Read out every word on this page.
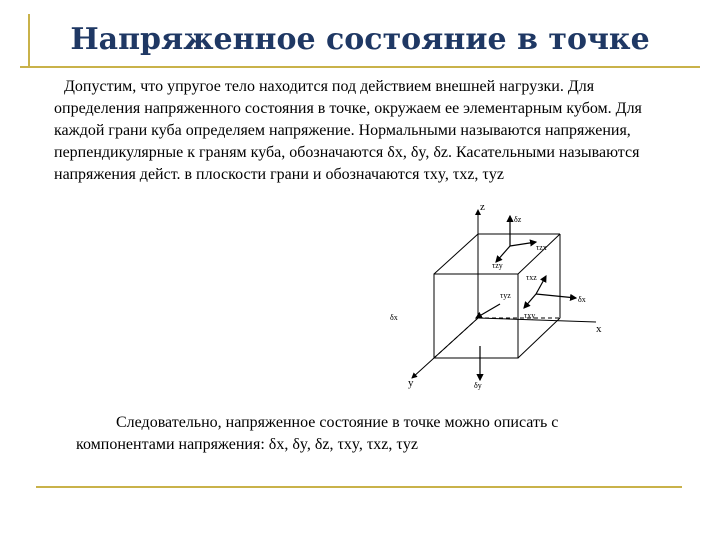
Напряженное состояние в точке
Допустим, что упругое тело находится под действием внешней нагрузки. Для определения напряженного состояния в точке, окружаем ее элементарным кубом. Для каждой грани куба определяем напряжение. Нормальными называются напряжения, перпендикулярные к граням куба, обозначаются δx, δy, δz. Касательными называются напряжения дейст. в плоскости грани и обозначаются τxy, τxz, τyz
z
x
y
δz
τzx
τzy
δx
τxz
τxy
δx
δy
τyz
Следовательно, напряженное состояние в точке можно описать с компонентами напряжения: δx, δy, δz, τxy, τxz, τyz
